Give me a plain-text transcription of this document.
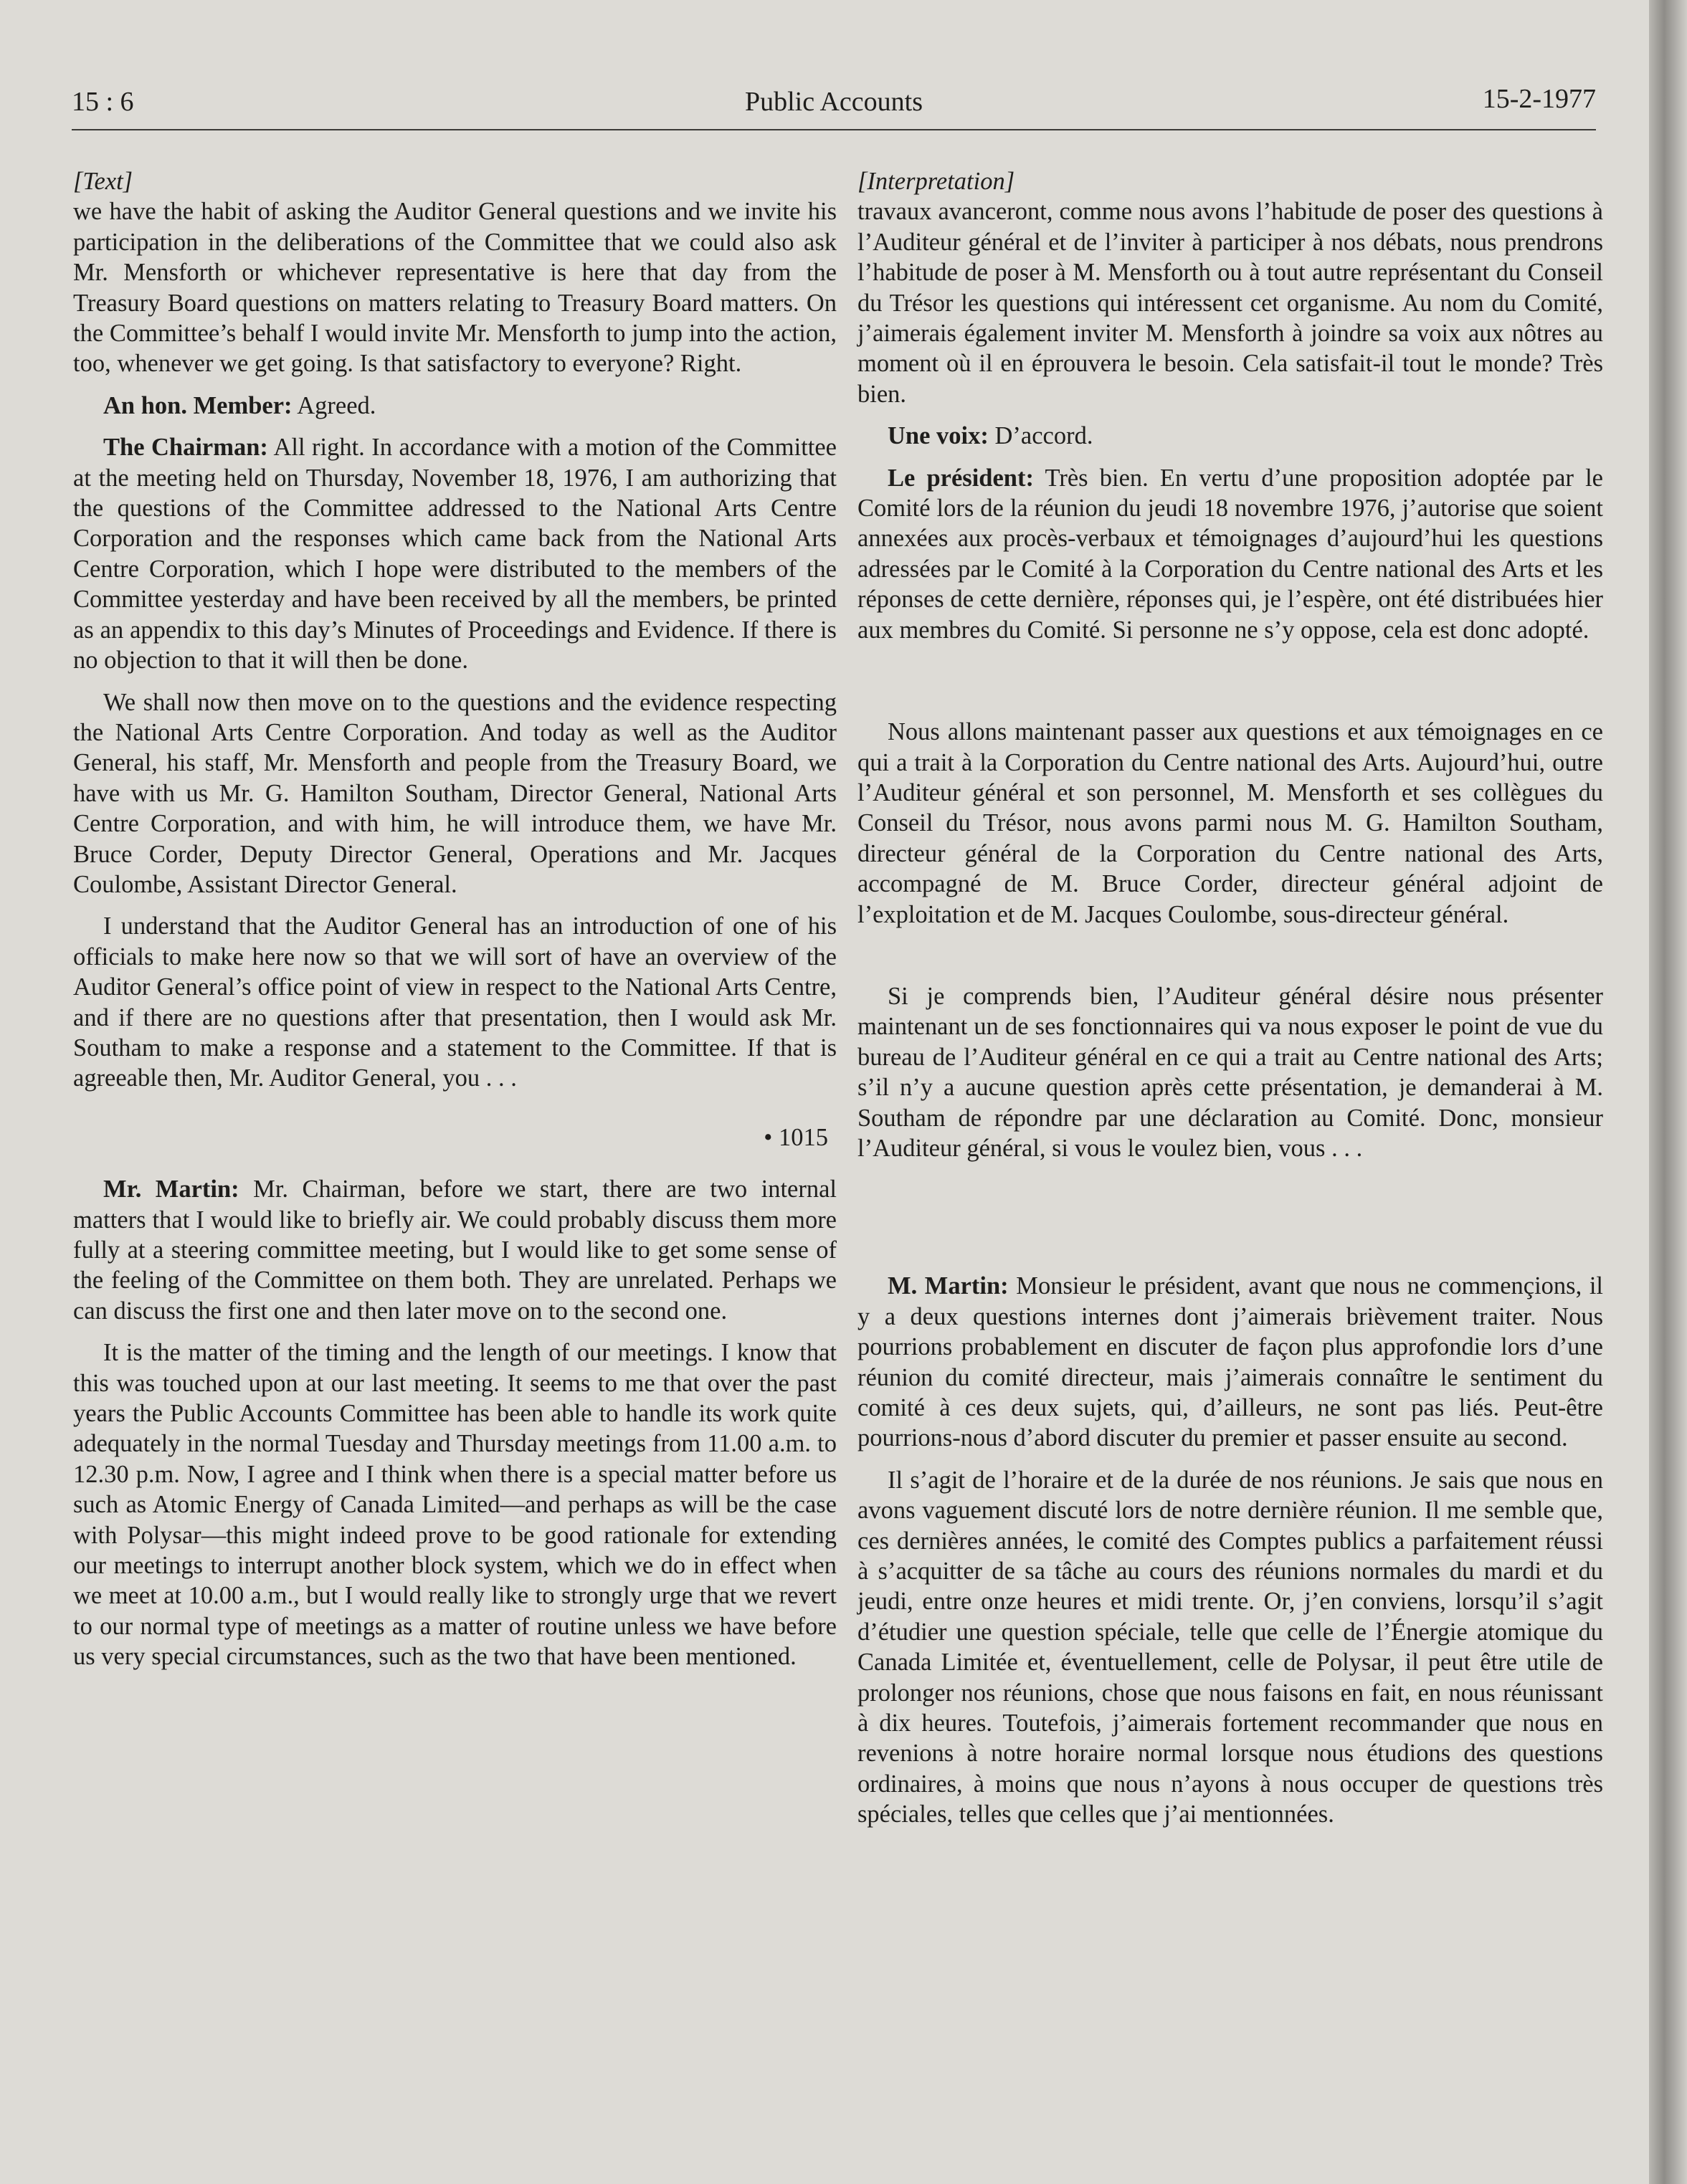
15 : 6	Public Accounts	15-2-1977

[Text]

we have the habit of asking the Auditor General questions and we invite his participation in the deliberations of the Committee that we could also ask Mr. Mensforth or whichever representative is here that day from the Treasury Board questions on matters relating to Treasury Board matters. On the Committee’s behalf I would invite Mr. Mensforth to jump into the action, too, whenever we get going. Is that satisfactory to everyone? Right.

An hon. Member: Agreed.

The Chairman: All right. In accordance with a motion of the Committee at the meeting held on Thursday, November 18, 1976, I am authorizing that the questions of the Committee addressed to the National Arts Centre Corporation and the responses which came back from the National Arts Centre Corporation, which I hope were distributed to the members of the Committee yesterday and have been received by all the members, be printed as an appendix to this day’s Minutes of Proceedings and Evidence. If there is no objection to that it will then be done.

We shall now then move on to the questions and the evidence respecting the National Arts Centre Corporation. And today as well as the Auditor General, his staff, Mr. Mensforth and people from the Treasury Board, we have with us Mr. G. Hamilton Southam, Director General, National Arts Centre Corporation, and with him, he will introduce them, we have Mr. Bruce Corder, Deputy Director General, Operations and Mr. Jacques Coulombe, Assistant Director General.

I understand that the Auditor General has an introduction of one of his officials to make here now so that we will sort of have an overview of the Auditor General’s office point of view in respect to the National Arts Centre, and if there are no questions after that presentation, then I would ask Mr. Southam to make a response and a statement to the Committee. If that is agreeable then, Mr. Auditor General, you . . .

• 1015

Mr. Martin: Mr. Chairman, before we start, there are two internal matters that I would like to briefly air. We could probably discuss them more fully at a steering committee meeting, but I would like to get some sense of the feeling of the Committee on them both. They are unrelated. Perhaps we can discuss the first one and then later move on to the second one.

It is the matter of the timing and the length of our meetings. I know that this was touched upon at our last meeting. It seems to me that over the past years the Public Accounts Committee has been able to handle its work quite adequately in the normal Tuesday and Thursday meetings from 11.00 a.m. to 12.30 p.m. Now, I agree and I think when there is a special matter before us such as Atomic Energy of Canada Limited—and perhaps as will be the case with Polysar—this might indeed prove to be good rationale for extending our meetings to interrupt another block system, which we do in effect when we meet at 10.00 a.m., but I would really like to strongly urge that we revert to our normal type of meetings as a matter of routine unless we have before us very special circumstances, such as the two that have been mentioned.

[Interpretation]

travaux avanceront, comme nous avons l’habitude de poser des questions à l’Auditeur général et de l’inviter à participer à nos débats, nous prendrons l’habitude de poser à M. Mensforth ou à tout autre représentant du Conseil du Trésor les questions qui intéressent cet organisme. Au nom du Comité, j’aimerais également inviter M. Mensforth à joindre sa voix aux nôtres au moment où il en éprouvera le besoin. Cela satisfait-il tout le monde? Très bien.

Une voix: D’accord.

Le président: Très bien. En vertu d’une proposition adoptée par le Comité lors de la réunion du jeudi 18 novembre 1976, j’autorise que soient annexées aux procès-verbaux et témoignages d’aujourd’hui les questions adressées par le Comité à la Corporation du Centre national des Arts et les réponses de cette dernière, réponses qui, je l’espère, ont été distribuées hier aux membres du Comité. Si personne ne s’y oppose, cela est donc adopté.

Nous allons maintenant passer aux questions et aux témoignages en ce qui a trait à la Corporation du Centre national des Arts. Aujourd’hui, outre l’Auditeur général et son personnel, M. Mensforth et ses collègues du Conseil du Trésor, nous avons parmi nous M. G. Hamilton Southam, directeur général de la Corporation du Centre national des Arts, accompagné de M. Bruce Corder, directeur général adjoint de l’exploitation et de M. Jacques Coulombe, sous-directeur général.

Si je comprends bien, l’Auditeur général désire nous présenter maintenant un de ses fonctionnaires qui va nous exposer le point de vue du bureau de l’Auditeur général en ce qui a trait au Centre national des Arts; s’il n’y a aucune question après cette présentation, je demanderai à M. Southam de répondre par une déclaration au Comité. Donc, monsieur l’Auditeur général, si vous le voulez bien, vous . . .

M. Martin: Monsieur le président, avant que nous ne commençions, il y a deux questions internes dont j’aimerais brièvement traiter. Nous pourrions probablement en discuter de façon plus approfondie lors d’une réunion du comité directeur, mais j’aimerais connaître le sentiment du comité à ces deux sujets, qui, d’ailleurs, ne sont pas liés. Peut-être pourrions-nous d’abord discuter du premier et passer ensuite au second.

Il s’agit de l’horaire et de la durée de nos réunions. Je sais que nous en avons vaguement discuté lors de notre dernière réunion. Il me semble que, ces dernières années, le comité des Comptes publics a parfaitement réussi à s’acquitter de sa tâche au cours des réunions normales du mardi et du jeudi, entre onze heures et midi trente. Or, j’en conviens, lorsqu’il s’agit d’étudier une question spéciale, telle que celle de l’Énergie atomique du Canada Limitée et, éventuellement, celle de Polysar, il peut être utile de prolonger nos réunions, chose que nous faisons en fait, en nous réunissant à dix heures. Toutefois, j’aimerais fortement recommander que nous en revenions à notre horaire normal lorsque nous étudions des questions ordinaires, à moins que nous n’ayons à nous occuper de questions très spéciales, telles que celles que j’ai mentionnées.
